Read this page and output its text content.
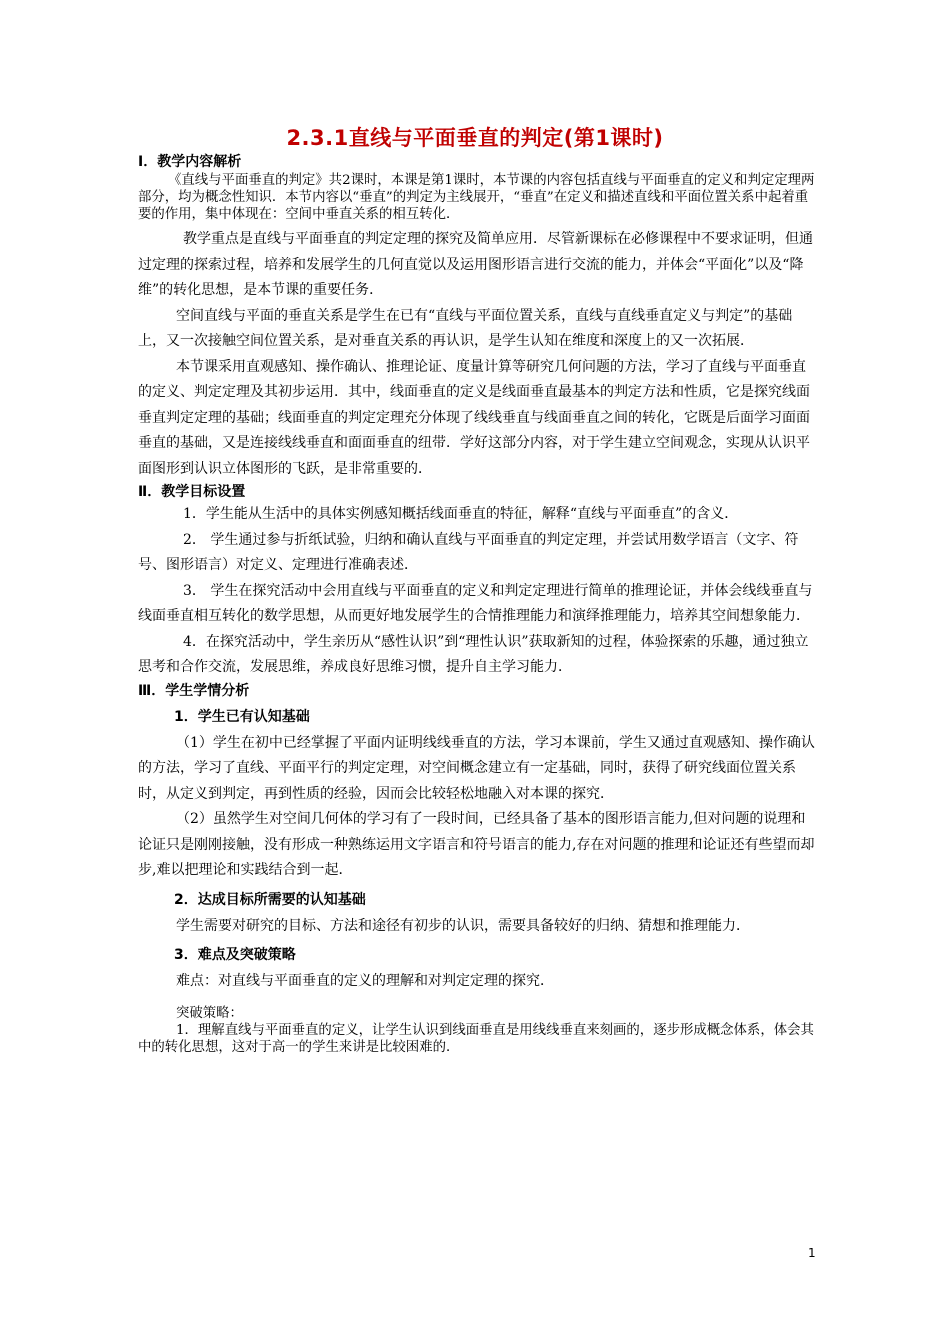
2.3.1直线与平面垂直的判定(第1课时)
Ⅰ．教学内容解析

《直线与平面垂直的判定》共2课时，本课是第1课时，本节课的内容包括直线与平面垂直的定义和判定定理两部分，均为概念性知识．本节内容以“垂直”的判定为主线展开，“垂直”在定义和描述直线和平面位置关系中起着重要的作用，集中体现在：空间中垂直关系的相互转化．

教学重点是直线与平面垂直的判定定理的探究及简单应用．尽管新课标在必修课程中不要求证明，但通过定理的探索过程，培养和发展学生的几何直觉以及运用图形语言进行交流的能力，并体会“平面化”以及“降维”的转化思想，是本节课的重要任务．

空间直线与平面的垂直关系是学生在已有“直线与平面位置关系，直线与直线垂直定义与判定”的基础上，又一次接触空间位置关系，是对垂直关系的再认识，是学生认知在维度和深度上的又一次拓展．

本节课采用直观感知、操作确认、推理论证、度量计算等研究几何问题的方法，学习了直线与平面垂直的定义、判定定理及其初步运用．其中，线面垂直的定义是线面垂直最基本的判定方法和性质，它是探究线面垂直判定定理的基础；线面垂直的判定定理充分体现了线线垂直与线面垂直之间的转化，它既是后面学习面面垂直的基础，又是连接线线垂直和面面垂直的纽带．学好这部分内容，对于学生建立空间观念，实现从认识平面图形到认识立体图形的飞跃，是非常重要的．

Ⅱ．教学目标设置

1．学生能从生活中的具体实例感知概括线面垂直的特征，解释“直线与平面垂直”的含义．

2． 学生通过参与折纸试验，归纳和确认直线与平面垂直的判定定理，并尝试用数学语言（文字、符号、图形语言）对定义、定理进行准确表述．

3． 学生在探究活动中会用直线与平面垂直的定义和判定定理进行简单的推理论证，并体会线线垂直与线面垂直相互转化的数学思想，从而更好地发展学生的合情推理能力和演绎推理能力，培养其空间想象能力．

4．在探究活动中，学生亲历从“感性认识”到“理性认识”获取新知的过程，体验探索的乐趣，通过独立思考和合作交流，发展思维，养成良好思维习惯，提升自主学习能力．

Ⅲ．学生学情分析
1．学生已有认知基础

（1）学生在初中已经掌握了平面内证明线线垂直的方法，学习本课前，学生又通过直观感知、操作确认的方法，学习了直线、平面平行的判定定理，对空间概念建立有一定基础，同时，获得了研究线面位置关系时，从定义到判定，再到性质的经验，因而会比较轻松地融入对本课的探究．

（2）虽然学生对空间几何体的学习有了一段时间，已经具备了基本的图形语言能力,但对问题的说理和论证只是刚刚接触，没有形成一种熟练运用文字语言和符号语言的能力,存在对问题的推理和论证还有些望而却步,难以把理论和实践结合到一起．

2．达成目标所需要的认知基础

学生需要对研究的目标、方法和途径有初步的认识，需要具备较好的归纳、猜想和推理能力．

3．难点及突破策略

难点：对直线与平面垂直的定义的理解和对判定定理的探究．

突破策略：

1．理解直线与平面垂直的定义，让学生认识到线面垂直是用线线垂直来刻画的，逐步形成概念体系，体会其中的转化思想，这对于高一的学生来讲是比较困难的．

1
